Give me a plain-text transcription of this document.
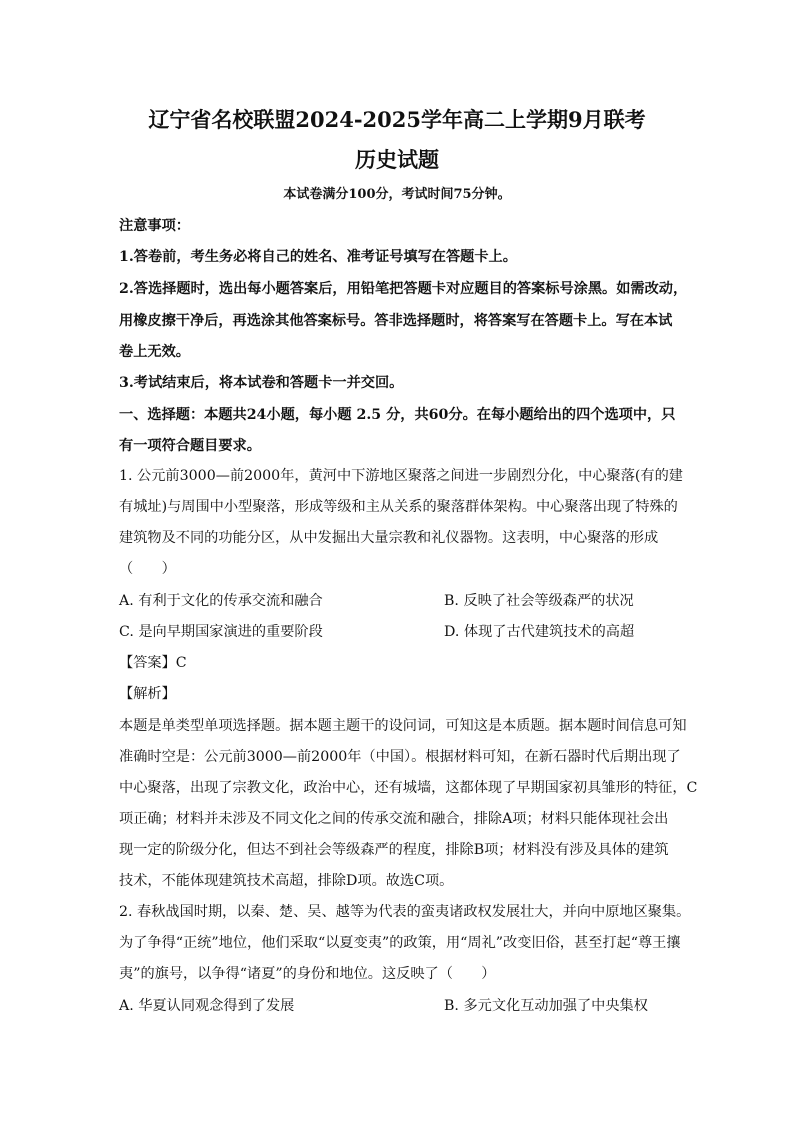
辽宁省名校联盟2024-2025学年高二上学期9月联考
历史试题
本试卷满分100分，考试时间75分钟。
注意事项：
1.答卷前，考生务必将自己的姓名、准考证号填写在答题卡上。
2.答选择题时，选出每小题答案后，用铅笔把答题卡对应题目的答案标号涂黑。如需改动，
用橡皮擦干净后，再选涂其他答案标号。答非选择题时，将答案写在答题卡上。写在本试
卷上无效。
3.考试结束后，将本试卷和答题卡一并交回。
一、选择题：本题共24小题，每小题 2.5 分，共60分。在每小题给出的四个选项中，只
有一项符合题目要求。
1. 公元前3000—前2000年，黄河中下游地区聚落之间进一步剧烈分化，中心聚落(有的建
有城址)与周围中小型聚落，形成等级和主从关系的聚落群体架构。中心聚落出现了特殊的
建筑物及不同的功能分区，从中发掘出大量宗教和礼仪器物。这表明，中心聚落的形成
（　　）
A. 有利于文化的传承交流和融合	B. 反映了社会等级森严的状况
C. 是向早期国家演进的重要阶段	D. 体现了古代建筑技术的高超
【答案】C
【解析】
本题是单类型单项选择题。据本题主题干的设问词，可知这是本质题。据本题时间信息可知
准确时空是：公元前3000—前2000年（中国）。根据材料可知，在新石器时代后期出现了
中心聚落，出现了宗教文化，政治中心，还有城墙，这都体现了早期国家初具雏形的特征，C
项正确；材料并未涉及不同文化之间的传承交流和融合，排除A项；材料只能体现社会出
现一定的阶级分化，但达不到社会等级森严的程度，排除B项；材料没有涉及具体的建筑
技术，不能体现建筑技术高超，排除D项。故选C项。
2. 春秋战国时期，以秦、楚、吴、越等为代表的蛮夷诸政权发展壮大，并向中原地区聚集。
为了争得“正统”地位，他们采取“以夏变夷”的政策，用“周礼”改变旧俗，甚至打起“尊王攘
夷”的旗号，以争得“诸夏”的身份和地位。这反映了（　　）
A. 华夏认同观念得到了发展	B. 多元文化互动加强了中央集权
